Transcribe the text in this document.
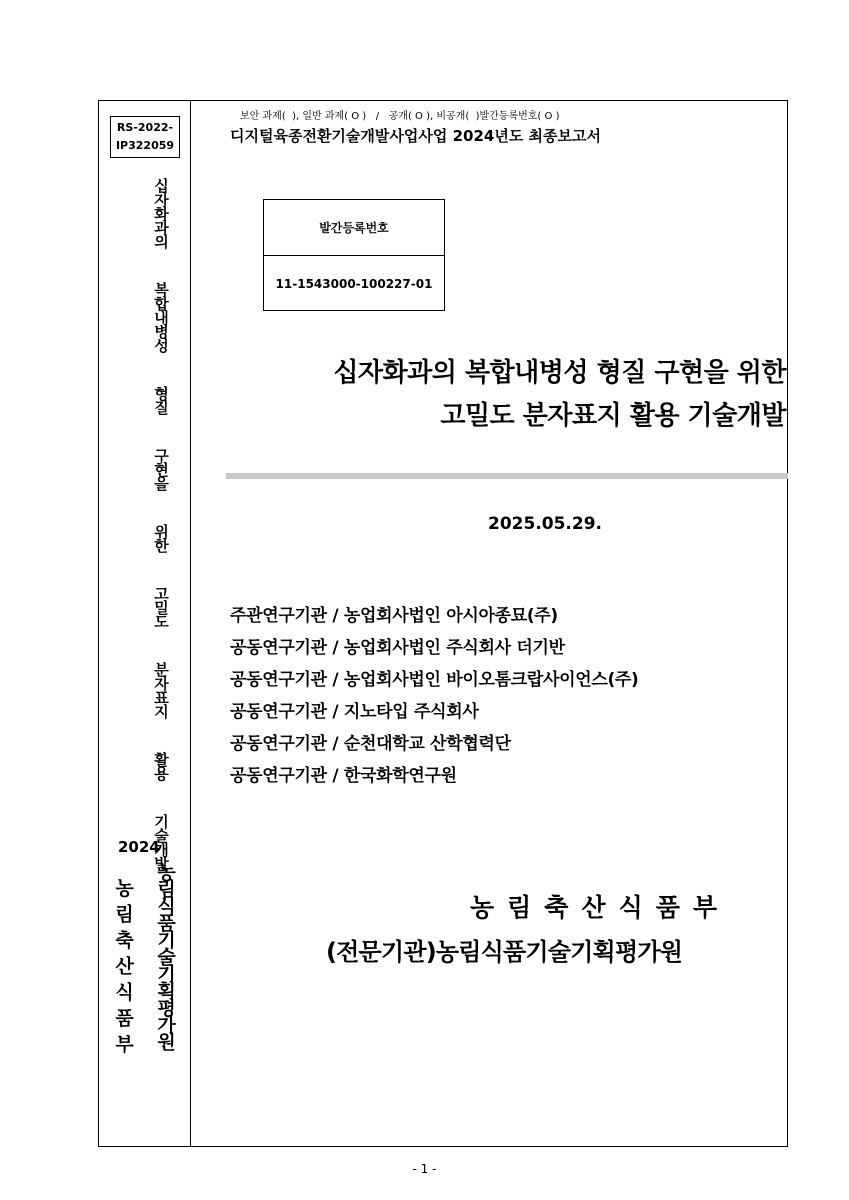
RS-2022-
IP322059
십자화과의  복합내병성  형질  구현을  위한  고밀도  분자표지  활용  기술개발
2024
농림식품기술기획평가원
농림축산식품부
보안 과제(  ), 일반 과제( O )   /   공개( O ), 비공개(  )발간등록번호( O )
디지털육종전환기술개발사업사업 2024년도 최종보고서
발간등록번호
11-1543000-100227-01
십자화과의 복합내병성 형질 구현을 위한
고밀도 분자표지 활용 기술개발
2025.05.29.
주관연구기관 / 농업회사법인 아시아종묘(주)
공동연구기관 / 농업회사법인 주식회사 더기반
공동연구기관 / 농업회사법인 바이오톰크랍사이언스(주)
공동연구기관 / 지노타입 주식회사
공동연구기관 / 순천대학교 산학협력단
공동연구기관 / 한국화학연구원
농림축산식품부
(전문기관)농림식품기술기획평가원
- 1 -
